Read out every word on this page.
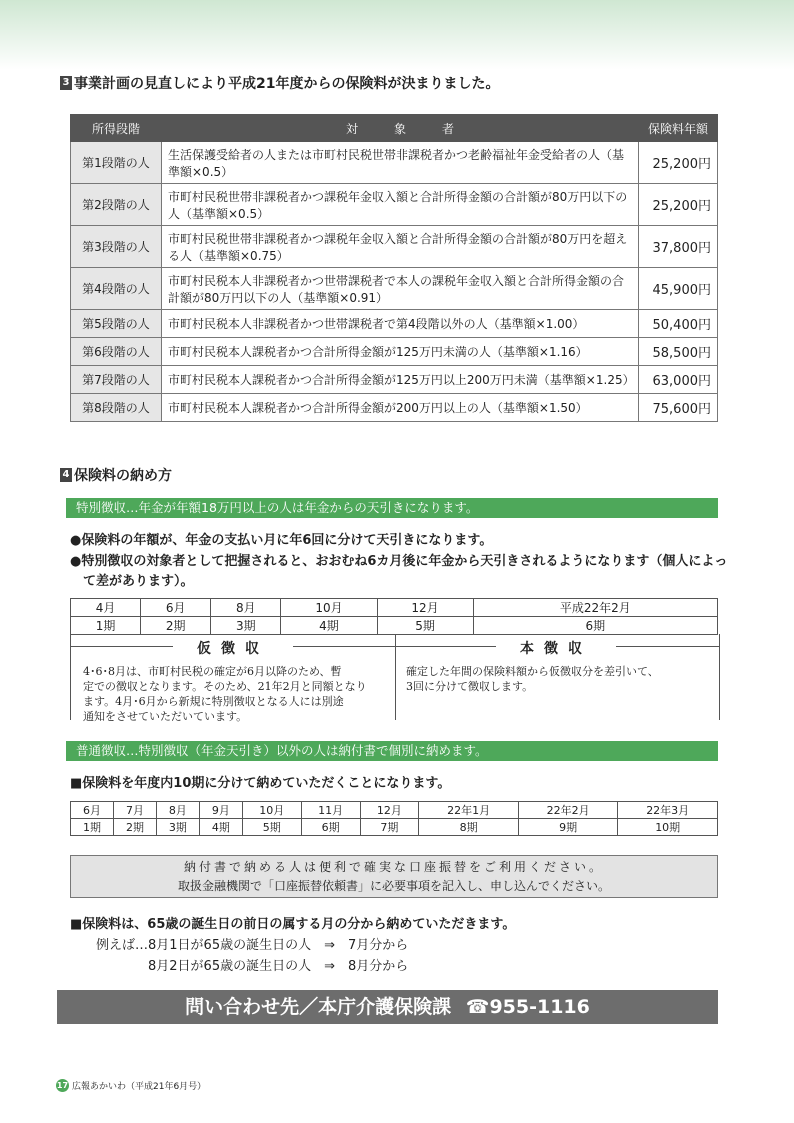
3 事業計画の見直しにより平成21年度からの保険料が決まりました。
所得段階	対　　　象　　　者	保険料年額
第1段階の人	生活保護受給者の人または市町村民税世帯非課税者かつ老齢福祉年金受給者の人（基準額×0.5）	25,200円
第2段階の人	市町村民税世帯非課税者かつ課税年金収入額と合計所得金額の合計額が80万円以下の人（基準額×0.5）	25,200円
第3段階の人	市町村民税世帯非課税者かつ課税年金収入額と合計所得金額の合計額が80万円を超える人（基準額×0.75）	37,800円
第4段階の人	市町村民税本人非課税者かつ世帯課税者で本人の課税年金収入額と合計所得金額の合計額が80万円以下の人（基準額×0.91）	45,900円
第5段階の人	市町村民税本人非課税者かつ世帯課税者で第4段階以外の人（基準額×1.00）	50,400円
第6段階の人	市町村民税本人課税者かつ合計所得金額が125万円未満の人（基準額×1.16）	58,500円
第7段階の人	市町村民税本人課税者かつ合計所得金額が125万円以上200万円未満（基準額×1.25）	63,000円
第8段階の人	市町村民税本人課税者かつ合計所得金額が200万円以上の人（基準額×1.50）	75,600円
4 保険料の納め方
特別徴収…年金が年額18万円以上の人は年金からの天引きになります。
●保険料の年額が、年金の支払い月に年6回に分けて天引きになります。
●特別徴収の対象者として把握されると、おおむね6カ月後に年金から天引きされるようになります（個人によっ
　て差があります）。
4月	6月	8月	10月	12月	平成22年2月
1期	2期	3期	4期	5期	6期
仮徴収
4･6･8月は、市町村民税の確定が6月以降のため、暫
定での徴収となります。そのため、21年2月と同額となり
ます。4月･6月から新規に特別徴収となる人には別途
通知をさせていただいています。
本徴収
確定した年間の保険料額から仮徴収分を差引いて、
3回に分けて徴収します。
普通徴収…特別徴収（年金天引き）以外の人は納付書で個別に納めます。
■保険料を年度内10期に分けて納めていただくことになります。
6月	7月	8月	9月	10月	11月	12月	22年1月	22年2月	22年3月
1期	2期	3期	4期	5期	6期	7期	8期	9期	10期
納付書で納める人は便利で確実な口座振替をご利用ください。
取扱金融機関で「口座振替依頼書」に必要事項を記入し、申し込んでください。
■保険料は、65歳の誕生日の前日の属する月の分から納めていただきます。
例えば…8月1日が65歳の誕生日の人　⇒　7月分から
8月2日が65歳の誕生日の人　⇒　8月分から
問い合わせ先／本庁介護保険課 ☎955-1116
17 広報あかいわ（平成21年6月号）
